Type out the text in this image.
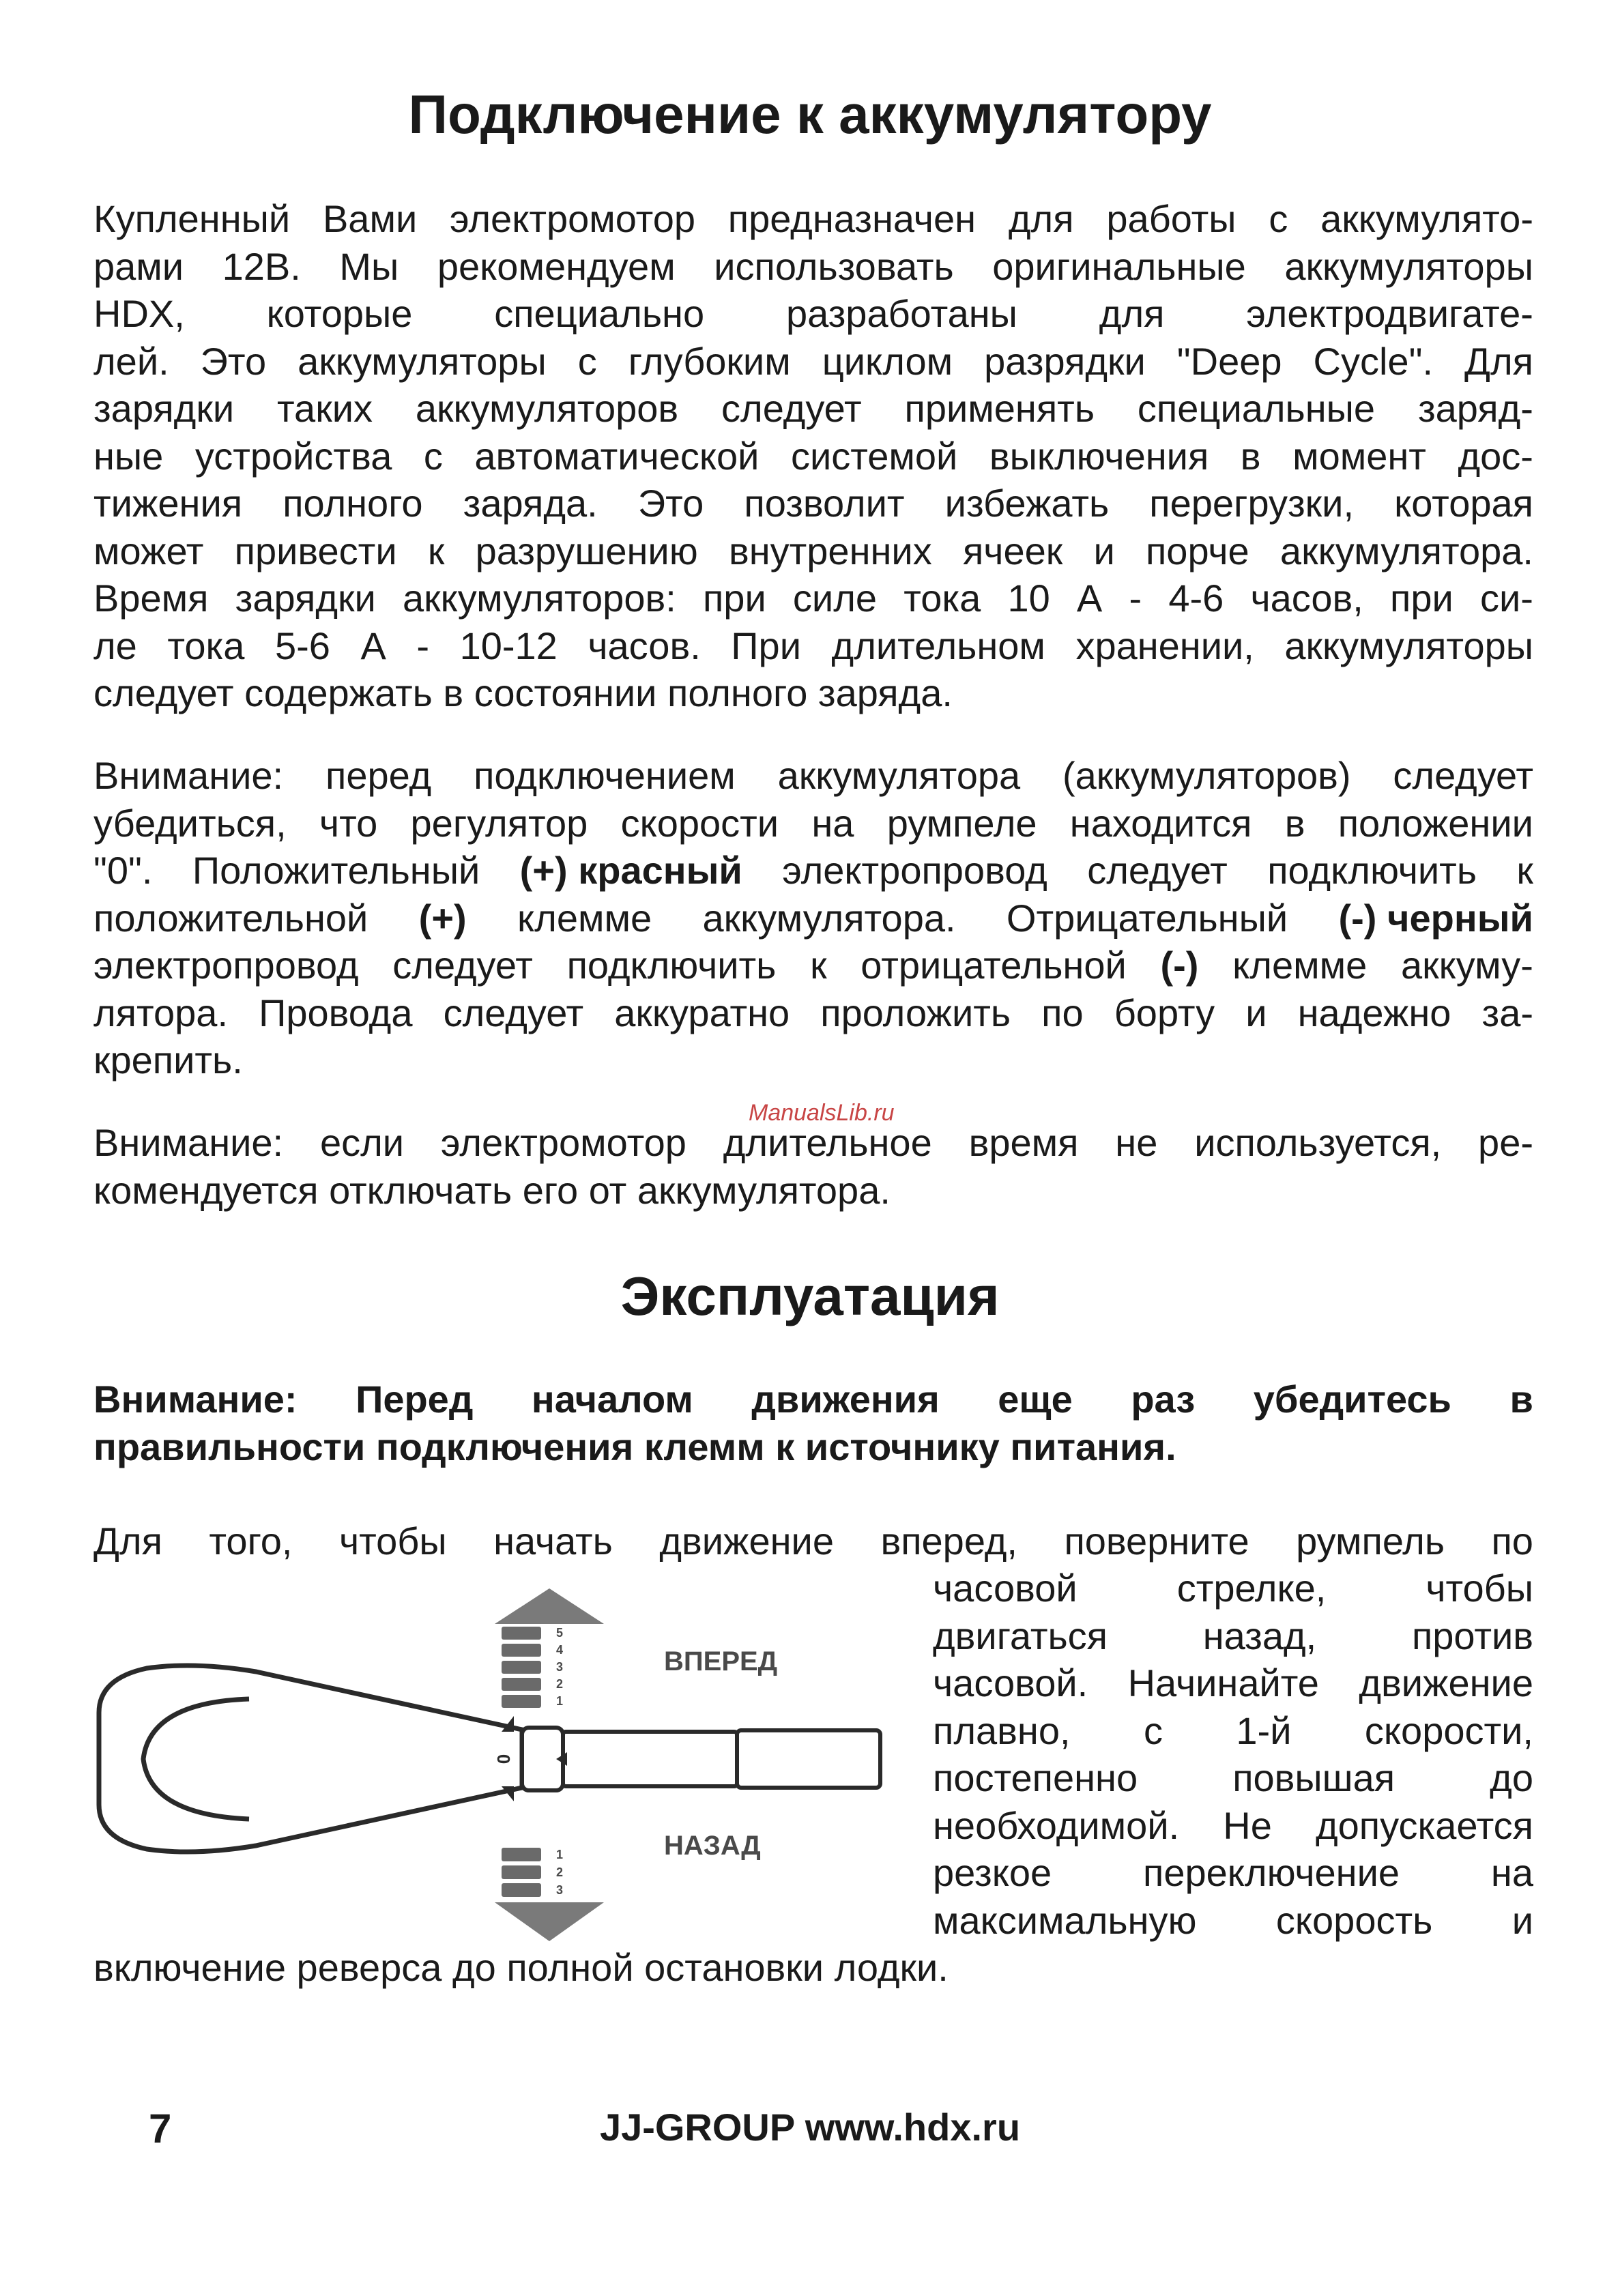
Подключение к аккумулятору
Купленный Вами электромотор предназначен для работы с аккумулято-
рами 12В. Мы рекомендуем использовать оригинальные аккумуляторы
HDX, которые специально разработаны для электродвигате-
лей. Это аккумуляторы с глубоким циклом разрядки "Deep Cycle". Для
зарядки таких аккумуляторов следует применять специальные заряд-
ные устройства с автоматической системой выключения в момент дос-
тижения полного заряда. Это позволит избежать перегрузки, которая
может привести к разрушению внутренних ячеек и порче аккумулятора.
Время зарядки аккумуляторов: при силе тока 10 А - 4-6 часов, при си-
ле тока 5-6 А - 10-12 часов. При длительном хранении, аккумуляторы
следует содержать в состоянии полного заряда.
Внимание: перед подключением аккумулятора (аккумуляторов) следует
убедиться, что регулятор скорости на румпеле находится в положении
"0". Положительный (+) красный электропровод следует подключить к
положительной (+) клемме аккумулятора. Отрицательный (-) черный
электропровод следует подключить к отрицательной (-) клемме аккуму-
лятора. Провода следует аккуратно проложить по борту и надежно за-
крепить.
Внимание: если электромотор длительное время не используется, ре-
комендуется отключать его от аккумулятора.
ManualsLib.ru
Эксплуатация
Внимание: Перед началом движения еще раз убедитесь в
правильности подключения клемм к источнику питания.
Для того, чтобы начать движение вперед, поверните румпель по
часовой	стрелке,	чтобы
двигаться назад, против
часовой. Начинайте движение
плавно, с 1-й скорости,
постепенно повышая до
необходимой. Не допускается
резкое переключение на
максимальную скорость и
включение реверса до полной остановки лодки.
0
5
4
3
2
1
ВПЕРЕД
1
2
3
НАЗАД
7	JJ-GROUP www.hdx.ru
